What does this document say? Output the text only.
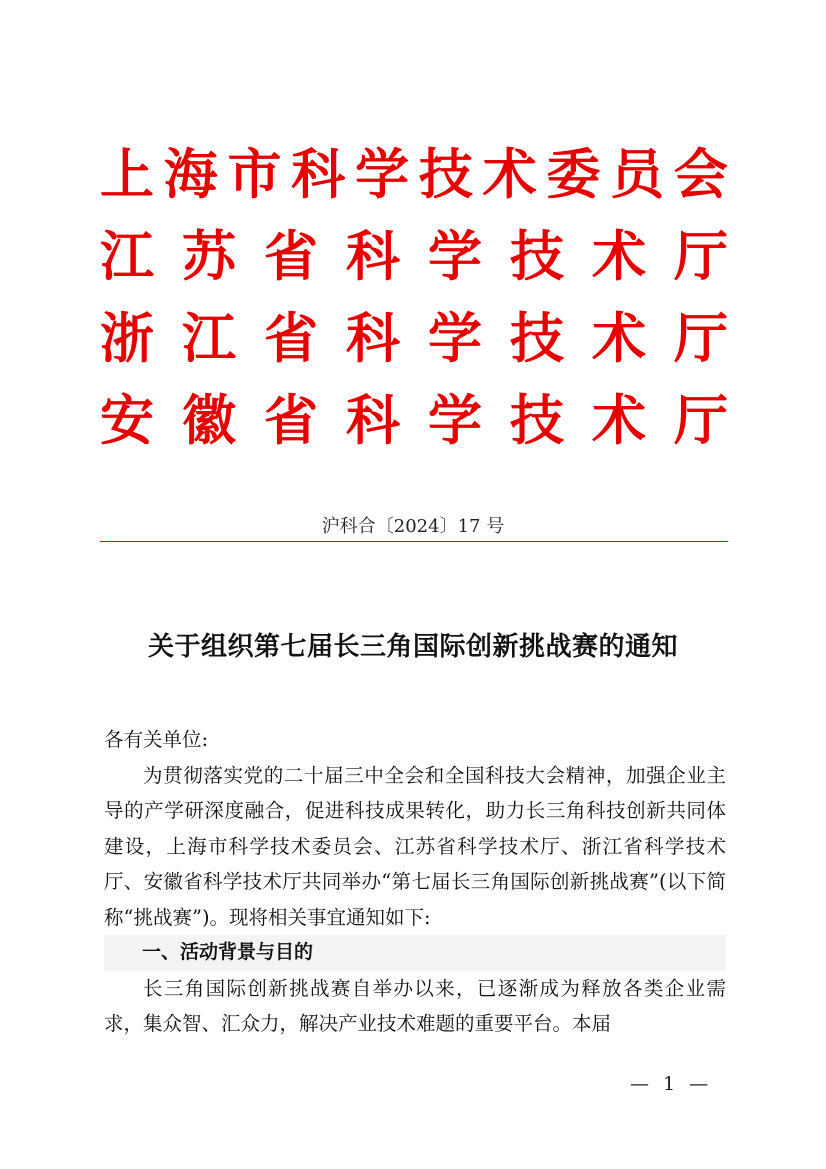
上 海 市 科 学 技 术 委 员 会
江 苏 省 科 学 技 术 厅
浙 江 省 科 学 技 术 厅
安 徽 省 科 学 技 术 厅
沪科合〔2024〕17 号
关于组织第七届长三角国际创新挑战赛的通知

各有关单位:

为贯彻落实党的二十届三中全会和全国科技大会精神，加强企业主导的产学研深度融合，促进科技成果转化，助力长三角科技创新共同体建设，上海市科学技术委员会、江苏省科学技术厅、浙江省科学技术厅、安徽省科学技术厅共同举办“第七届长三角国际创新挑战赛”(以下简称“挑战赛”)。现将相关事宜通知如下:

一、活动背景与目的

长三角国际创新挑战赛自举办以来，已逐渐成为释放各类企业需求，集众智、汇众力，解决产业技术难题的重要平台。本届

— 1 —
